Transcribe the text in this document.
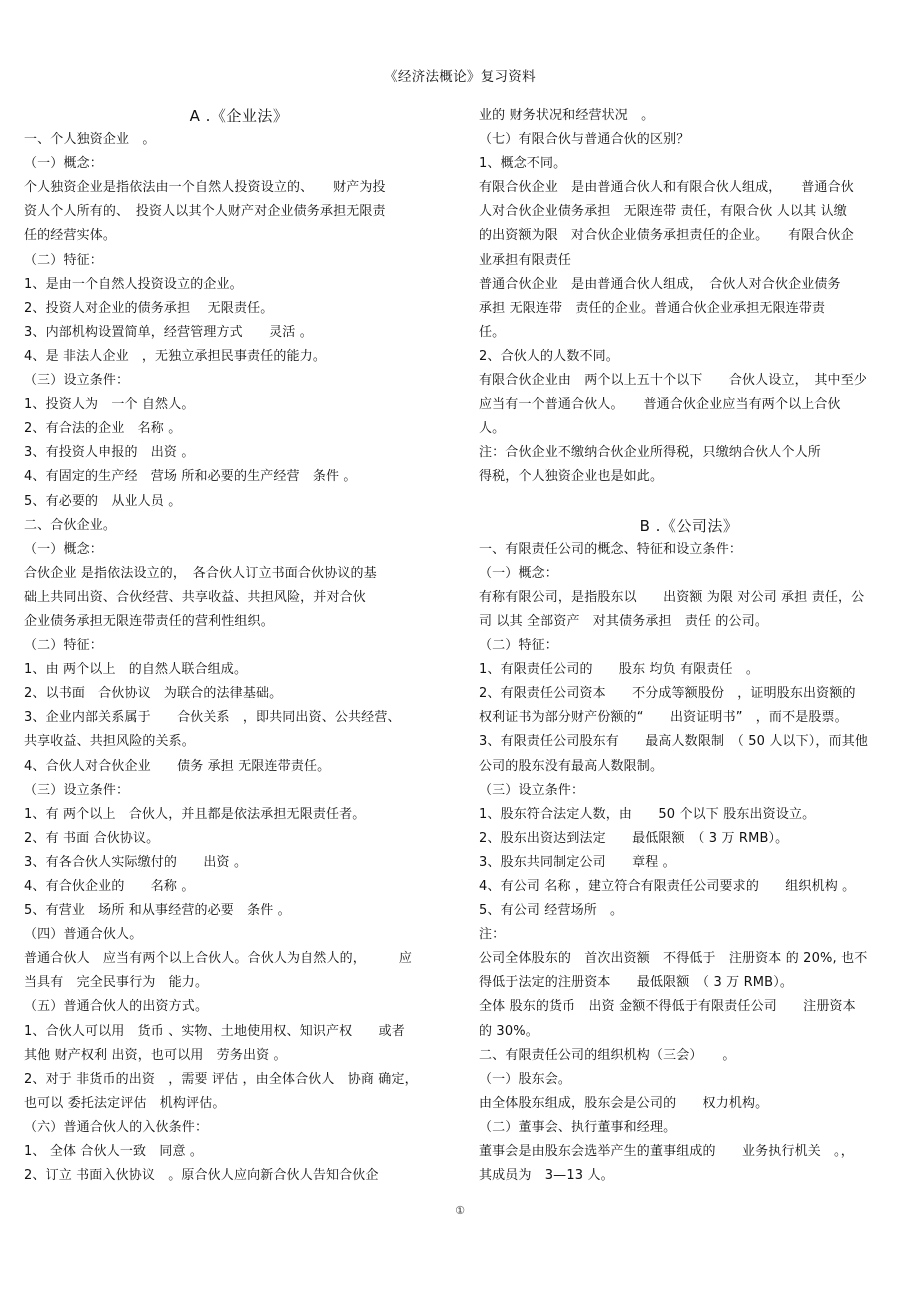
《经济法概论》复习资料
A .《企业法》
一、个人独资企业　。
（一）概念：
个人独资企业是指依法由一个自然人投资设立的、　　财产为投
资人个人所有的、　投资人以其个人财产对企业债务承担无限责
任的经营实体。
（二）特征：
1、是由一个自然人投资设立的企业。
2、投资人对企业的债务承担　 无限责任。
3、内部机构设置简单，经营管理方式　　灵活 。
4、是 非法人企业　，无独立承担民事责任的能力。
（三）设立条件：
1、投资人为　一个 自然人。
2、有合法的企业　名称 。
3、有投资人申报的　出资 。
4、有固定的生产经　营场 所和必要的生产经营　条件 。
5、有必要的　从业人员 。
二、合伙企业。
（一）概念：
合伙企业 是指依法设立的，　各合伙人订立书面合伙协议的基
础上共同出资、合伙经营、共享收益、共担风险，并对合伙
企业债务承担无限连带责任的营利性组织。
（二）特征：
1、由 两个以上　的自然人联合组成。
2、以书面　合伙协议　为联合的法律基础。
3、企业内部关系属于　　合伙关系　，即共同出资、公共经营、
共享收益、共担风险的关系。
4、合伙人对合伙企业　　债务 承担 无限连带责任。
（三）设立条件：
1、有 两个以上　合伙人，并且都是依法承担无限责任者。
2、有 书面 合伙协议。
3、有各合伙人实际缴付的　　出资 。
4、有合伙企业的　　名称 。
5、有营业　场所 和从事经营的必要　条件 。
（四）普通合伙人。
普通合伙人　应当有两个以上合伙人。合伙人为自然人的，　　　应
当具有　完全民事行为　能力。
（五）普通合伙人的出资方式。
1、合伙人可以用　货币 、实物、土地使用权、知识产权　　或者
其他 财产权利 出资，也可以用　劳务出资 。
2、对于 非货币的出资　，需要 评估 ，由全体合伙人　协商 确定，
也可以 委托法定评估　机构评估。
（六）普通合伙人的入伙条件：
1、 全体 合伙人一致　同意 。
2、订立 书面入伙协议　。原合伙人应向新合伙人告知合伙企
业的 财务状况和经营状况　。
（七）有限合伙与普通合伙的区别？
1、概念不同。
有限合伙企业　是由普通合伙人和有限合伙人组成，　　普通合伙
人对合伙企业债务承担　无限连带 责任，有限合伙 人以其 认缴
的出资额为限　对合伙企业债务承担责任的企业。　　有限合伙企
业承担有限责任
普通合伙企业　是由普通合伙人组成，　合伙人对合伙企业债务
承担 无限连带　责任的企业。普通合伙企业承担无限连带责
任。
2、合伙人的人数不同。
有限合伙企业由　两个以上五十个以下　　合伙人设立，　其中至少
应当有一个普通合伙人。　　普通合伙企业应当有两个以上合伙
人。
注：合伙企业不缴纳合伙企业所得税，只缴纳合伙人个人所
得税，个人独资企业也是如此。
B .《公司法》
一、有限责任公司的概念、特征和设立条件：
（一）概念：
有称有限公司，是指股东以　　出资额 为限 对公司 承担 责任，公
司 以其 全部资产　对其债务承担　责任 的公司。
（二）特征：
1、有限责任公司的　　股东 均负 有限责任　。
2、有限责任公司资本　　不分成等额股份　，证明股东出资额的
权利证书为部分财产份额的“　　出资证明书”　，而不是股票。
3、有限责任公司股东有　　最高人数限制　（ 50 人以下），而其他
公司的股东没有最高人数限制。
（三）设立条件：
1、股东符合法定人数，由　　50 个以下 股东出资设立。
2、股东出资达到法定　　最低限额　（ 3 万 RMB）。
3、股东共同制定公司　　章程 。
4、有公司 名称 ，建立符合有限责任公司要求的　　组织机构 。
5、有公司 经营场所　。
注：
公司全体股东的　首次出资额　不得低于　注册资本 的 20%, 也不
得低于法定的注册资本　　最低限额　（ 3 万 RMB）。
全体 股东的货币　出资 金额不得低于有限责任公司　　注册资本
的 30%。
二、有限责任公司的组织机构（三会）　　。
（一）股东会。
由全体股东组成，股东会是公司的　　权力机构。
（二）董事会、执行董事和经理。
董事会是由股东会选举产生的董事组成的　　业务执行机关　。，
其成员为　3—13 人。
①
